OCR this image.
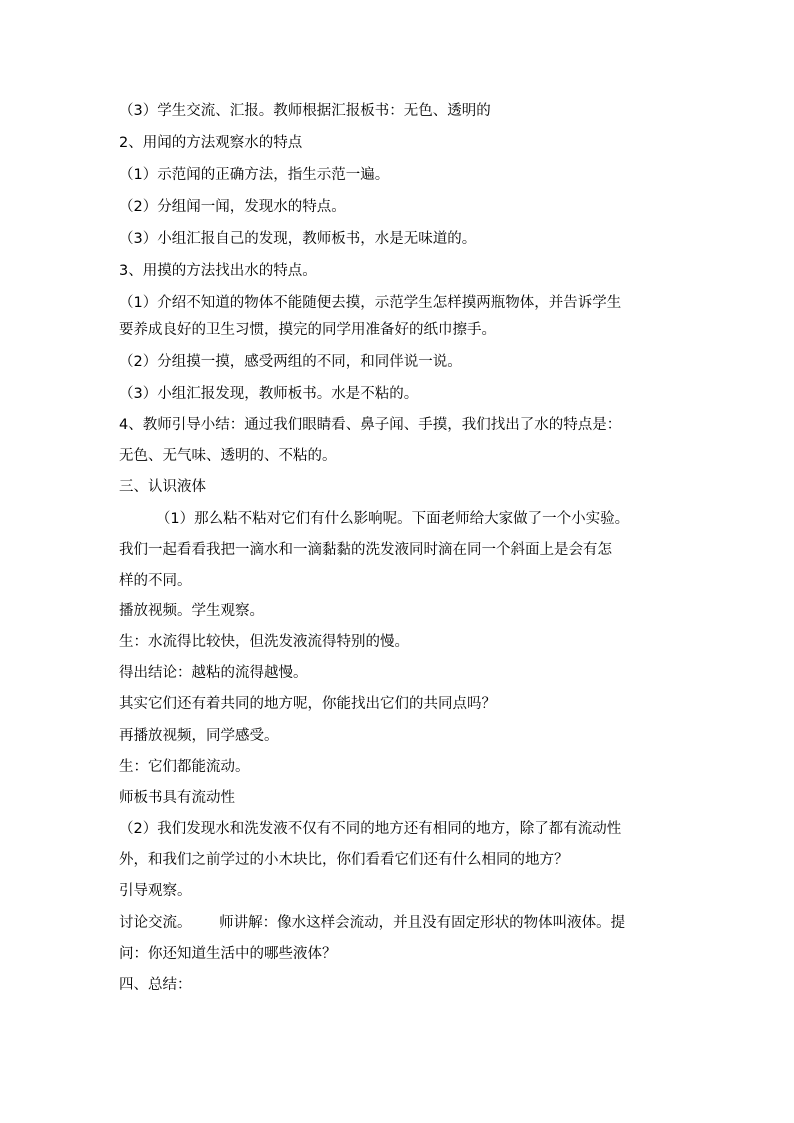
（3）学生交流、汇报。教师根据汇报板书：无色、透明的
2、用闻的方法观察水的特点
（1）示范闻的正确方法，指生示范一遍。
（2）分组闻一闻，发现水的特点。
（3）小组汇报自己的发现，教师板书，水是无味道的。
3、用摸的方法找出水的特点。
（1）介绍不知道的物体不能随便去摸，示范学生怎样摸两瓶物体，并告诉学生
要养成良好的卫生习惯，摸完的同学用准备好的纸巾擦手。
（2）分组摸一摸，感受两组的不同，和同伴说一说。
（3）小组汇报发现，教师板书。水是不粘的。
4、教师引导小结：通过我们眼睛看、鼻子闻、手摸，我们找出了水的特点是：
无色、无气味、透明的、不粘的。
三、认识液体
（1）那么粘不粘对它们有什么影响呢。下面老师给大家做了一个小实验。
我们一起看看我把一滴水和一滴黏黏的洗发液同时滴在同一个斜面上是会有怎
样的不同。
播放视频。学生观察。
生：水流得比较快，但洗发液流得特别的慢。
得出结论：越粘的流得越慢。
其实它们还有着共同的地方呢，你能找出它们的共同点吗？
再播放视频，同学感受。
生：它们都能流动。
师板书具有流动性
（2）我们发现水和洗发液不仅有不同的地方还有相同的地方，除了都有流动性
外，和我们之前学过的小木块比，你们看看它们还有什么相同的地方？
引导观察。
讨论交流。      师讲解：像水这样会流动，并且没有固定形状的物体叫液体。提
问：你还知道生活中的哪些液体？
四、总结：
